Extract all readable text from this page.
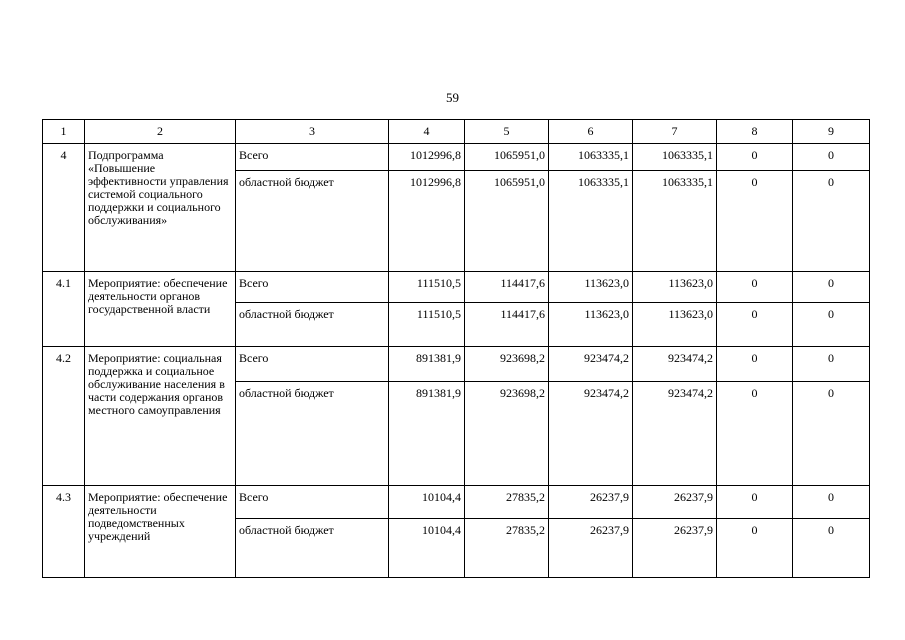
59
1	2	3	4	5	6	7	8	9
4	Подпрограмма «Повышение эффективности управления системой социального поддержки и социального обслуживания»	Всего	1012996,8	1065951,0	1063335,1	1063335,1	0	0
		областной бюджет	1012996,8	1065951,0	1063335,1	1063335,1	0	0
4.1	Мероприятие: обеспечение деятельности органов государственной власти	Всего	111510,5	114417,6	113623,0	113623,0	0	0
		областной бюджет	111510,5	114417,6	113623,0	113623,0	0	0
4.2	Мероприятие: социальная поддержка и социальное обслуживание населения в части содержания органов местного самоуправления	Всего	891381,9	923698,2	923474,2	923474,2	0	0
		областной бюджет	891381,9	923698,2	923474,2	923474,2	0	0
4.3	Мероприятие: обеспечение деятельности подведомственных учреждений	Всего	10104,4	27835,2	26237,9	26237,9	0	0
		областной бюджет	10104,4	27835,2	26237,9	26237,9	0	0
